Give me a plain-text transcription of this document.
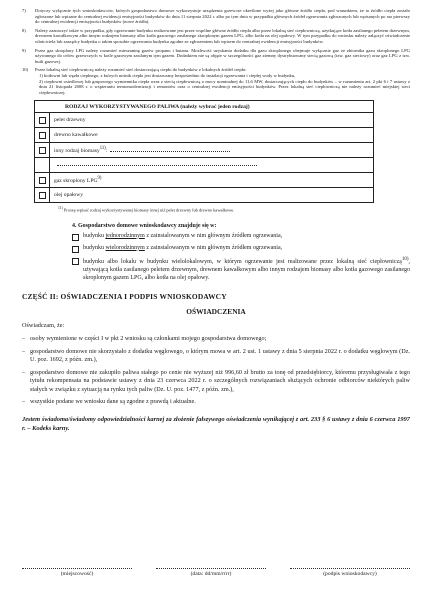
7)	Dotyczy wyłącznie tych wnioskodawców, których gospodarstwo domowe wykorzystuje urządzenia grzewcze określone wyżej jako główne źródło ciepła, pod warunkiem, że to źródło ciepła zostało zgłoszone lub wpisane do centralnej ewidencji emisyjności budynków do dnia 11 sierpnia 2022 r. albo po tym dniu w przypadku głównych źródeł ogrzewania zgłoszonych lub wpisanych po raz pierwszy do centralnej ewidencji emisyjności budynków (nowe źródła).
8)	Należy zaznaczyć także w przypadku, gdy ogrzewanie budynku realizowane jest przez wspólne główne źródło ciepła albo przez lokalną sieć ciepłowniczą, użytkujące kotła zasilanego peletem drzewnym, drewnem kawałkowym albo innym rodzajem biomasy albo kotła gazowego zasilanego skroplonym gazem LPG, albo kotła na olej opałowy. W tym przypadku do wniosku należy załączyć oświadczenie właściciela lub zarządcy budynku o takim sposobie ogrzewania budynku zgodne ze zgłoszeniem lub wpisem do centralnej ewidencji emisyjności budynków.
9)	Przez gaz skroplony LPG należy rozumieć mieszaninę gazów propanu i butanu. Możliwość uzyskania dodatku dla gazu skroplonego obejmuje wyłącznie gaz ze zbiornika gazu skroplonego LPG używanego do celów grzewczych w kotle gazowym zasilanym tym gazem. Dodatkiem nie są objęte w szczególności gaz ziemny dystrybuowany siecią gazową (tzw. gaz sieciowy) oraz gaz LPG z tzw. butli gazowej.
10)	Przez lokalną sieć ciepłowniczą należy rozumieć sieć dostarczającą ciepło do budynków z lokalnych źródeł ciepła:
1) kotłowni lub węzła cieplnego, z których nośnik ciepła jest dostarczany bezpośrednio do instalacji ogrzewania i ciepłej wody w budynku,
2) ciepłowni osiedlowej lub grupowego wymiennika ciepła wraz z siecią ciepłowniczą o mocy nominalnej do 11,6 MW, dostarczających ciepło do budynków – w rozumieniu art. 2 pkt 6 i 7 ustawy z dnia 21 listopada 2008 r. o wspieraniu termomodernizacji i remontów oraz o centralnej ewidencji emisyjności budynków. Przez lokalną sieć ciepłowniczą nie należy rozumieć miejskiej sieci ciepłowniczej.
RODZAJ WYKORZYSTYWANEGO PALIWA (należy wybrać jeden rodzaj)	
	pelet drzewny
	drewno kawałkowe
	inny rodzaj biomasy$^{11)}$:

	gaz skroplony LPG$^{9)}$
	olej opałowy
$^{11)}$ Proszę wpisać rodzaj wykorzystywanej biomasy innej niż pelet drzewny lub drewno kawałkowe.
4. Gospodarstwo domowe wnioskodawcy znajduje się w:
budynku jednorodzinnym z zainstalowanym w nim głównym źródłem ogrzewania,
budynku wielorodzinnym z zainstalowanym w nim głównym źródłem ogrzewania,
budynku albo lokalu w budynku wielolokalowym, w którym ogrzewanie jest realizowane przez lokalną sieć ciepłowniczą$^{10)}$, używającą kotła zasilanego peletem drzewnym, drewnem kawałkowym albo innym rodzajem biomasy albo kotła gazowego zasilanego skroplonym gazem LPG, albo kotła na olej opałowy.
CZĘŚĆ II: OŚWIADCZENIA I PODPIS WNIOSKODAWCY
OŚWIADCZENIA

Oświadczam, że:

– osoby wymienione w części I w pkt 2 wniosku są członkami mojego gospodarstwa domowego;
– gospodarstwo domowe nie skorzystało z dodatku węglowego, o którym mowa w art. 2 ust. 1 ustawy z dnia 5 sierpnia 2022 r. o dodatku węglowym (Dz. U. poz. 1692, z późn. zm.),
– gospodarstwo domowe nie zakupiło paliwa stałego po cenie nie wyższej niż 996,60 zł brutto za tonę od przedsiębiorcy, któremu przysługiwała z tego tytułu rekompensata na podstawie ustawy z dnia 23 czerwca 2022 r. o szczególnych rozwiązaniach służących ochronie odbiorców niektórych paliw stałych w związku z sytuacją na rynku tych paliw (Dz. U. poz. 1477, z późn. zm.),
– wszystkie podane we wniosku dane są zgodne z prawdą i aktualne.
Jestem świadoma/świadomy odpowiedzialności karnej za złożenie fałszywego oświadczenia wynikającej z art. 233 § 6 ustawy z dnia 6 czerwca 1997 r. – Kodeks karny.
(miejscowość)	(data: dd/mm/rrrr)	(podpis wnioskodawcy)
